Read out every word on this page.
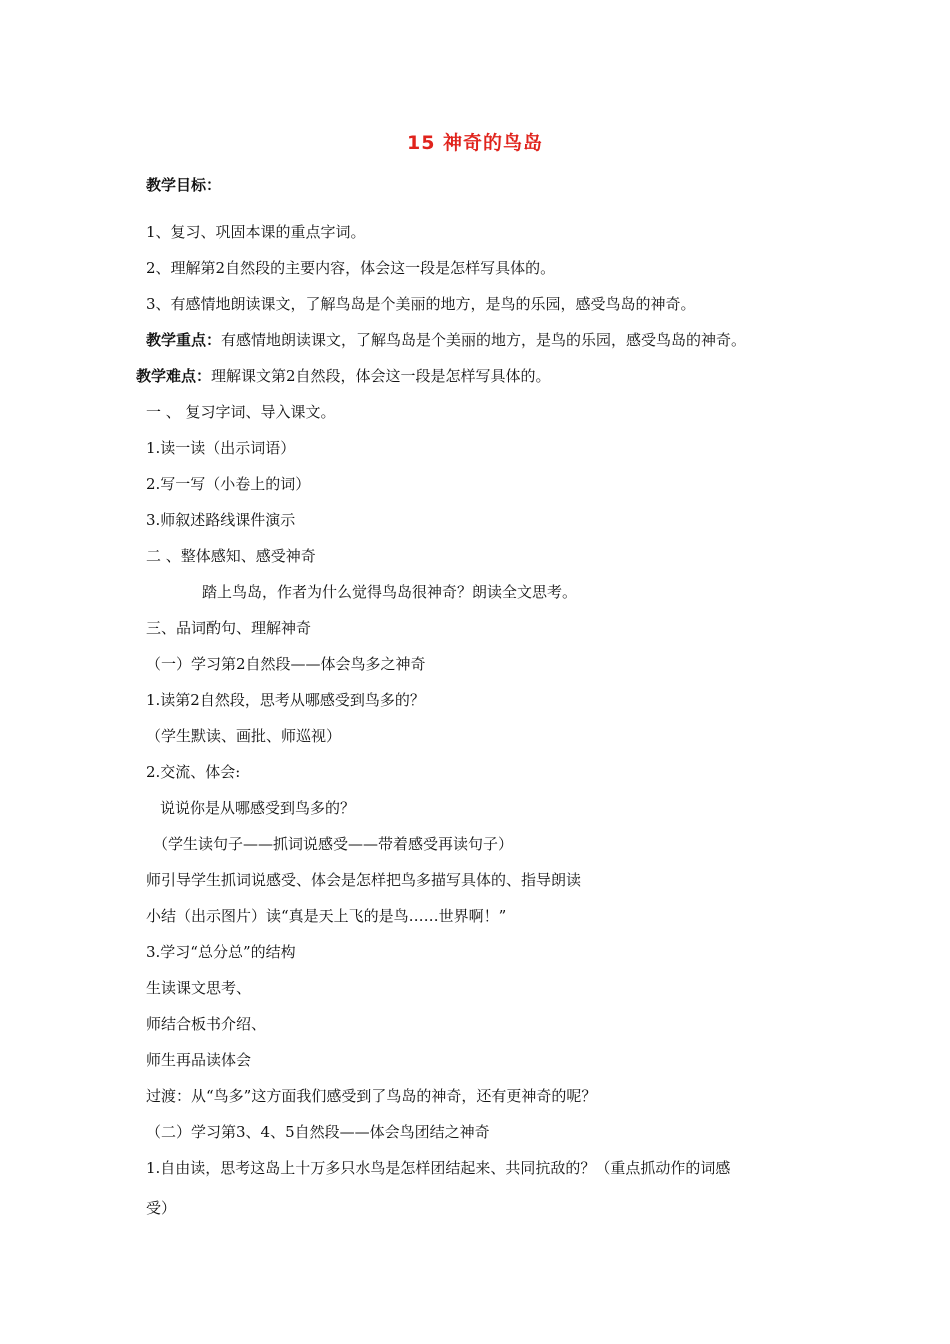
15 神奇的鸟岛
教学目标：
1、复习、巩固本课的重点字词。
2、理解第2自然段的主要内容，体会这一段是怎样写具体的。
3、有感情地朗读课文，了解鸟岛是个美丽的地方，是鸟的乐园，感受鸟岛的神奇。
教学重点：有感情地朗读课文，了解鸟岛是个美丽的地方，是鸟的乐园，感受鸟岛的神奇。
教学难点：理解课文第2自然段，体会这一段是怎样写具体的。
一 、 复习字词、导入课文。
1.读一读（出示词语）
2.写一写（小卷上的词）
3.师叙述路线课件演示
二 、整体感知、感受神奇
踏上鸟岛，作者为什么觉得鸟岛很神奇？朗读全文思考。
三、品词酌句、理解神奇
（一）学习第2自然段——体会鸟多之神奇
1.读第2自然段，思考从哪感受到鸟多的？
（学生默读、画批、师巡视）
2.交流、体会:
说说你是从哪感受到鸟多的？
（学生读句子——抓词说感受——带着感受再读句子）
师引导学生抓词说感受、体会是怎样把鸟多描写具体的、指导朗读
小结（出示图片）读“真是天上飞的是鸟……世界啊！”
3.学习“总分总”的结构
生读课文思考、
师结合板书介绍、
师生再品读体会
过渡：从“鸟多”这方面我们感受到了鸟岛的神奇，还有更神奇的呢？
（二）学习第3、4、5自然段——体会鸟团结之神奇
1.自由读，思考这岛上十万多只水鸟是怎样团结起来、共同抗敌的？（重点抓动作的词感
受）
